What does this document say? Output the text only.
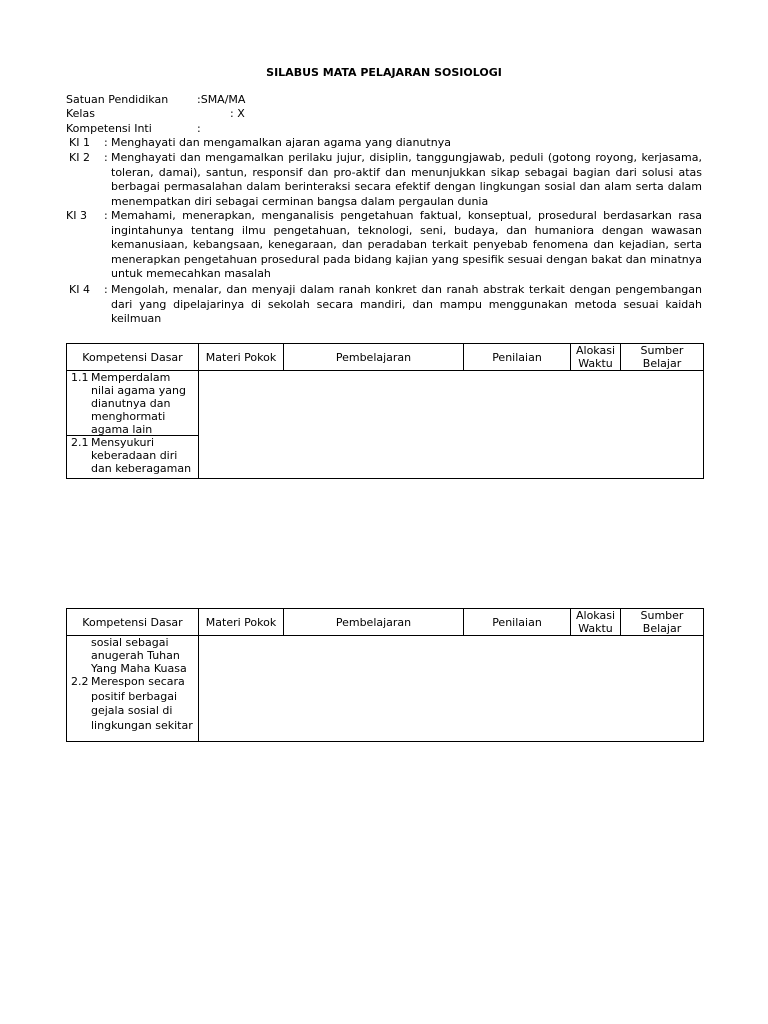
SILABUS MATA PELAJARAN SOSIOLOGI
Satuan Pendidikan	:SMA/MA
Kelas	: X
Kompetensi Inti	:
KI 1 : Menghayati dan mengamalkan ajaran agama yang dianutnya
KI 2 : Menghayati dan mengamalkan perilaku jujur, disiplin, tanggungjawab, peduli (gotong royong, kerjasama, toleran, damai), santun, responsif dan pro-aktif dan menunjukkan sikap sebagai bagian dari solusi atas berbagai permasalahan dalam berinteraksi secara efektif dengan lingkungan sosial dan alam serta dalam menempatkan diri sebagai cerminan bangsa dalam pergaulan dunia
KI 3 : Memahami, menerapkan, menganalisis pengetahuan faktual, konseptual, prosedural berdasarkan rasa ingintahunya tentang ilmu pengetahuan, teknologi, seni, budaya, dan humaniora dengan wawasan kemanusiaan, kebangsaan, kenegaraan, dan peradaban terkait penyebab fenomena dan kejadian, serta menerapkan pengetahuan prosedural pada bidang kajian yang spesifik sesuai dengan bakat dan minatnya untuk memecahkan masalah
KI 4 : Mengolah, menalar, dan menyaji dalam ranah konkret dan ranah abstrak terkait dengan pengembangan dari yang dipelajarinya di sekolah secara mandiri, dan mampu menggunakan metoda sesuai kaidah keilmuan
Kompetensi Dasar	Materi Pokok	Pembelajaran	Penilaian	Alokasi Waktu	Sumber Belajar

1.1 Memperdalam nilai agama yang dianutnya dan menghormati agama lain
2.1 Mensyukuri keberadaan diri dan keberagaman					

Kompetensi Dasar	Materi Pokok	Pembelajaran	Penilaian	Alokasi Waktu	Sumber Belajar

sosial sebagai anugerah Tuhan Yang Maha Kuasa
2.2 Merespon secara positif berbagai gejala sosial di lingkungan sekitar					
